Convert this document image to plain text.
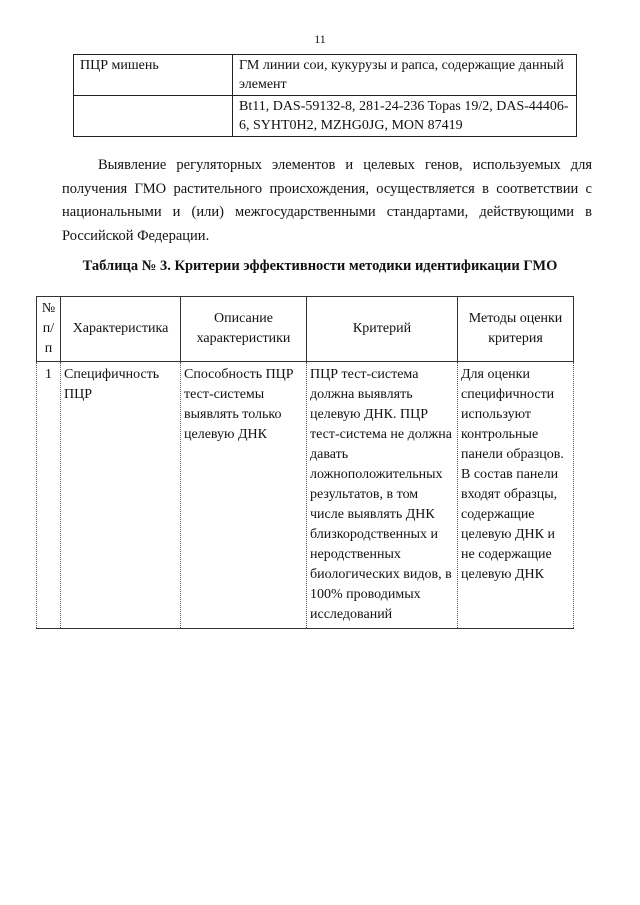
11
ПЦР мишень	ГМ линии сои, кукурузы и рапса, содержащие данный элемент
	Bt11, DAS-59132-8, 281-24-236 Topas 19/2, DAS-44406-6, SYHT0H2, MZHG0JG, MON 87419

Выявление регуляторных элементов и целевых генов, используемых для получения ГМО растительного происхождения, осуществляется в соответствии с национальными и (или) межгосударственными стандартами, действующими в Российской Федерации.

Таблица № 3. Критерии эффективности методики идентификации ГМО
№ п/п	Характеристика	Описание характеристики	Критерий	Методы оценки критерия
1	Специфичность ПЦР	Способность ПЦР тест-системы выявлять только целевую ДНК	ПЦР тест-система должна выявлять целевую ДНК. ПЦР тест-система не должна давать ложноположительных результатов, в том числе выявлять ДНК близкородственных и неродственных биологических видов, в 100% проводимых исследований	Для оценки специфичности используют контрольные панели образцов. В состав панели входят образцы, содержащие целевую ДНК и не содержащие целевую ДНК
